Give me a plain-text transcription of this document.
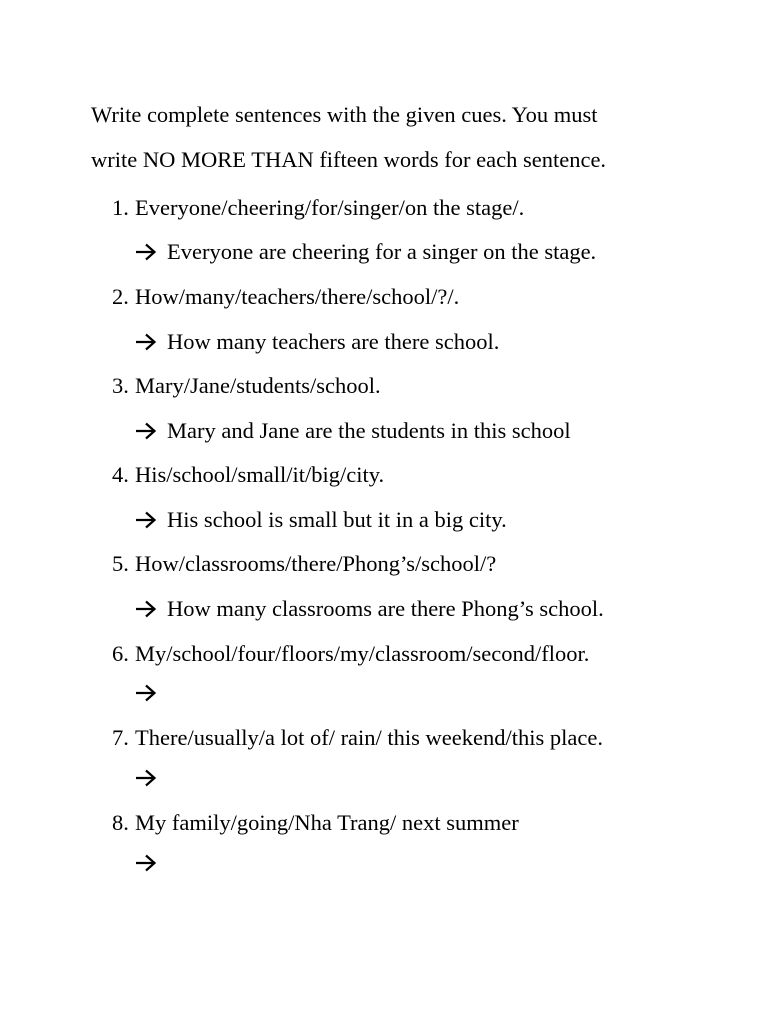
Write complete sentences with the given cues. You must
write NO MORE THAN fifteen words for each sentence.
1. Everyone/cheering/for/singer/on the stage/.
Everyone are cheering for a singer on the stage.
2. How/many/teachers/there/school/?/.
How many teachers are there school.
3. Mary/Jane/students/school.
Mary and Jane are the students in this school
4. His/school/small/it/big/city.
His school is small but it in a big city.
5. How/classrooms/there/Phong’s/school/?
How many classrooms are there Phong’s school.
6. My/school/four/floors/my/classroom/second/floor.
7. There/usually/a lot of/ rain/ this weekend/this place.
8. My family/going/Nha Trang/ next summer
